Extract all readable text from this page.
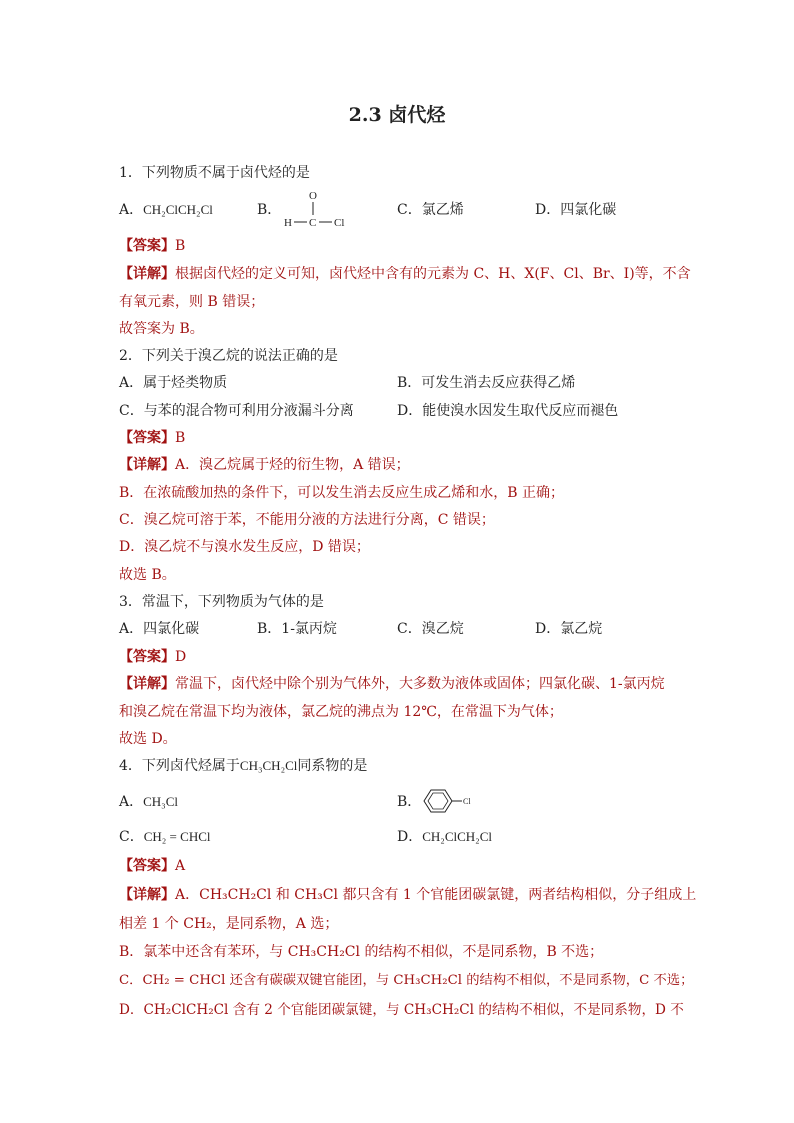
2.3 卤代烃
1．下列物质不属于卤代烃的是
A．CH₂ClCH₂Cl	B．
O
H C Cl
C．氯乙烯	D．四氯化碳
【答案】B
【详解】根据卤代烃的定义可知，卤代烃中含有的元素为 C、H、X(F、Cl、Br、I)等，不含
有氧元素，则 B 错误；
故答案为 B。
2．下列关于溴乙烷的说法正确的是
A．属于烃类物质	B．可发生消去反应获得乙烯
C．与苯的混合物可利用分液漏斗分离	D．能使溴水因发生取代反应而褪色
【答案】B
【详解】A．溴乙烷属于烃的衍生物，A 错误；
B．在浓硫酸加热的条件下，可以发生消去反应生成乙烯和水，B 正确；
C．溴乙烷可溶于苯，不能用分液的方法进行分离，C 错误；
D．溴乙烷不与溴水发生反应，D 错误；
故选 B。
3．常温下，下列物质为气体的是
A．四氯化碳	B．1-氯丙烷	C．溴乙烷	D．氯乙烷
【答案】D
【详解】常温下，卤代烃中除个别为气体外，大多数为液体或固体；四氯化碳、1-氯丙烷
和溴乙烷在常温下均为液体，氯乙烷的沸点为 12℃，在常温下为气体；
故选 D。
4．下列卤代烃属于CH₃CH₂Cl同系物的是
A．CH₃Cl	B．	Cl
C．CH₂ = CHCl	D．CH₂ClCH₂Cl
【答案】A
【详解】A．CH₃CH₂Cl 和 CH₃Cl 都只含有 1 个官能团碳氯键，两者结构相似，分子组成上
相差 1 个 CH₂，是同系物，A 选；
B．氯苯中还含有苯环，与 CH₃CH₂Cl 的结构不相似，不是同系物，B 不选；
C．CH₂ = CHCl 还含有碳碳双键官能团，与 CH₃CH₂Cl 的结构不相似，不是同系物，C 不选；
D．CH₂ClCH₂Cl 含有 2 个官能团碳氯键，与 CH₃CH₂Cl 的结构不相似，不是同系物，D 不
